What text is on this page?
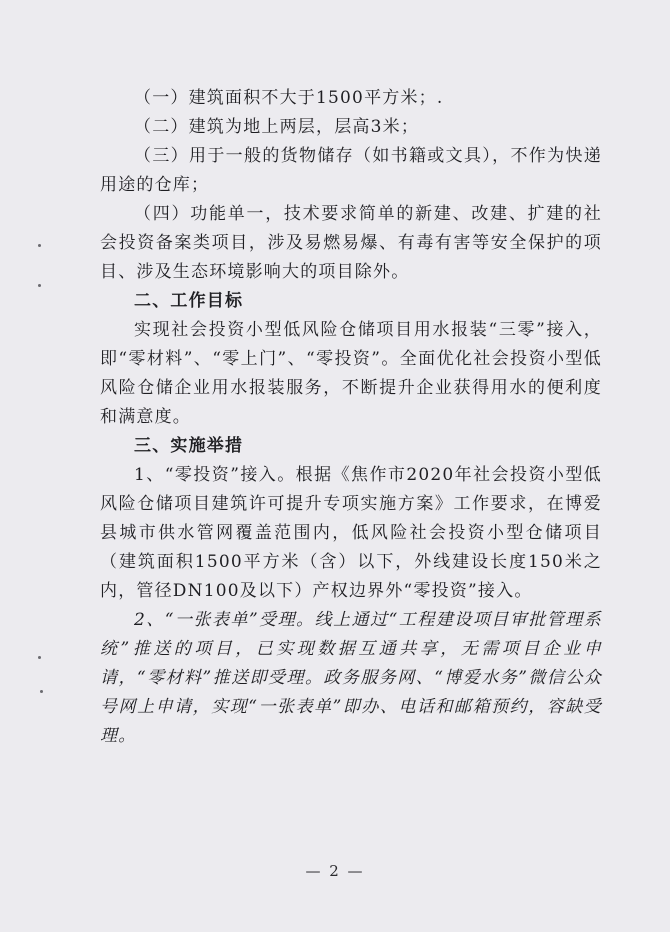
（一）建筑面积不大于1500平方米；.

（二）建筑为地上两层，层高3米；

（三）用于一般的货物储存（如书籍或文具），不作为快递用途的仓库；

（四）功能单一，技术要求简单的新建、改建、扩建的社会投资备案类项目，涉及易燃易爆、有毒有害等安全保护的项目、涉及生态环境影响大的项目除外。

二、工作目标

实现社会投资小型低风险仓储项目用水报装“三零”接入，即“零材料”、“零上门”、“零投资”。全面优化社会投资小型低风险仓储企业用水报装服务，不断提升企业获得用水的便利度和满意度。

三、实施举措

1、“零投资”接入。根据《焦作市2020年社会投资小型低风险仓储项目建筑许可提升专项实施方案》工作要求，在博爱县城市供水管网覆盖范围内，低风险社会投资小型仓储项目（建筑面积1500平方米（含）以下，外线建设长度150米之内，管径DN100及以下）产权边界外“零投资”接入。

2、“一张表单”受理。线上通过“工程建设项目审批管理系统”推送的项目，已实现数据互通共享，无需项目企业申请，“零材料”推送即受理。政务服务网、“博爱水务”微信公众号网上申请，实现“一张表单”即办、电话和邮箱预约，容缺受理。

— 2 —
